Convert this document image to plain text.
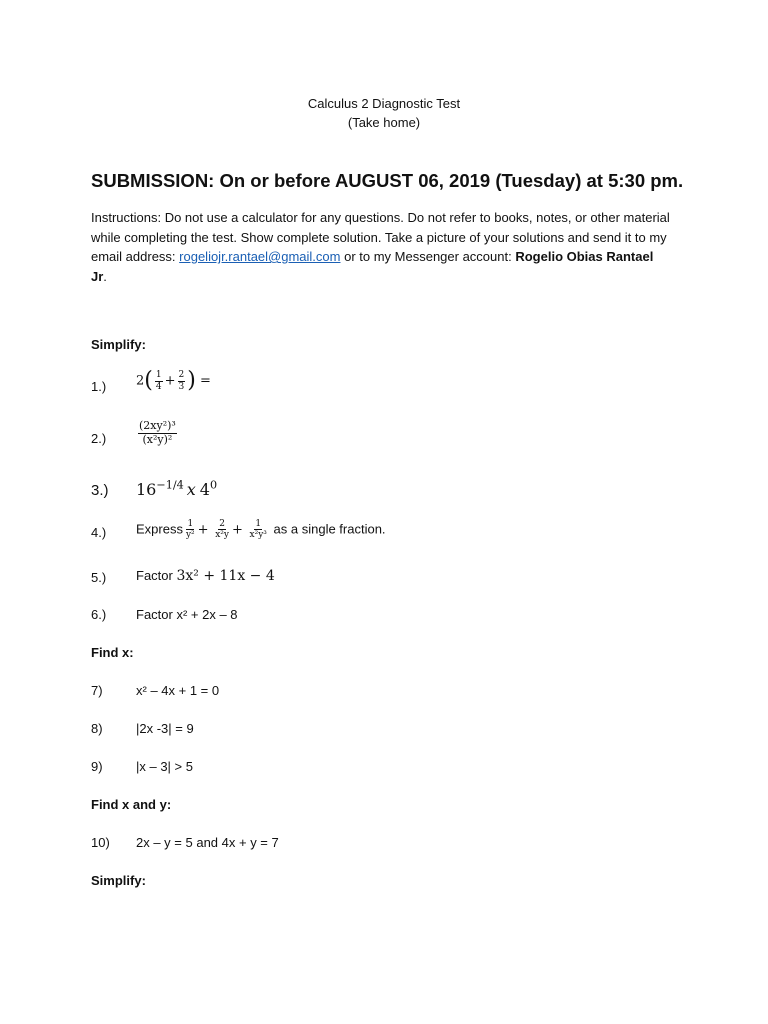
Calculus 2 Diagnostic Test
(Take home)
SUBMISSION: On or before AUGUST 06, 2019 (Tuesday) at 5:30 pm.
Instructions: Do not use a calculator for any questions. Do not refer to books, notes, or other material while completing the test. Show complete solution. Take a picture of your solutions and send it to my email address: rogeliojr.rantael@gmail.com or to my Messenger account: Rogelio Obias Rantael Jr.
Simplify:
1.) $2( \frac{1}{4} + \frac{2}{3}$ ) =
2.)	$\frac{\text{(2xy²)³}}{\text{(x²y)²}}$
3.) $16^{-1/4}$ x $4^0$
4.) Express $\frac{1}{\text{y²}} + \frac{2}{\text{x²y}} + \frac{1}{\text{x²y³}}$ as a single fraction.
5.) Factor 3x² + 11x − 4
6.) Factor x² + 2x – 8
Find x:
7)	x² – 4x + 1 = 0
8)	|2x -3| = 9
9)	|x – 3| > 5
Find x and y:
10) 2x – y = 5 and 4x + y = 7
Simplify:
